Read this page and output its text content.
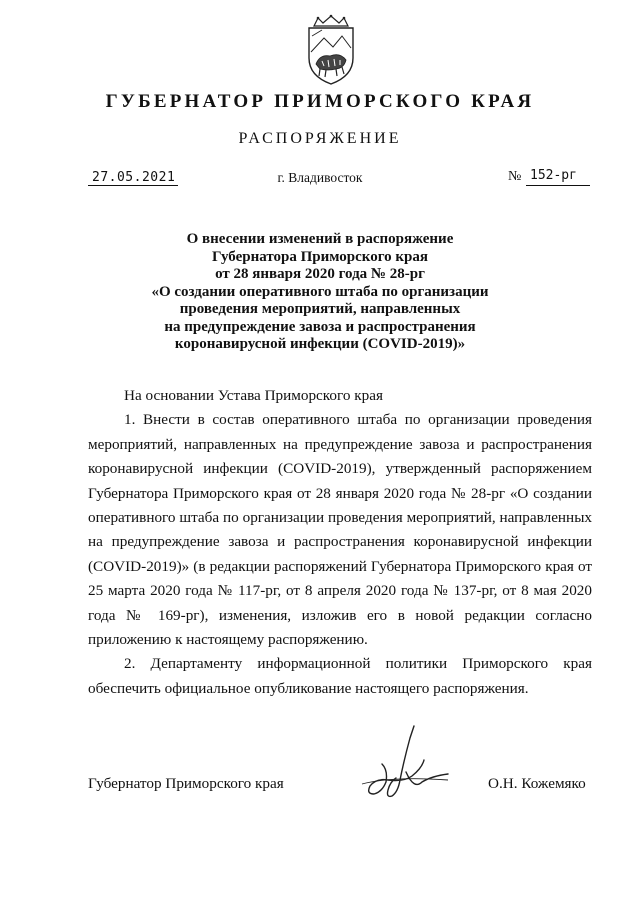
ГУБЕРНАТОР ПРИМОРСКОГО КРАЯ
РАСПОРЯЖЕНИЕ
27.05.2021	г. Владивосток	№ 152-рг
О внесении изменений в распоряжение
Губернатора Приморского края
от 28 января 2020 года № 28-рг
«О создании оперативного штаба по организации
проведения мероприятий, направленных
на предупреждение завоза и распространения
коронавирусной инфекции (COVID-2019)»

На основании Устава Приморского края

1. Внести в состав оперативного штаба по организации проведения мероприятий, направленных на предупреждение завоза и распространения коронавирусной инфекции (COVID-2019), утвержденный распоряжением Губернатора Приморского края от 28 января 2020 года № 28-рг «О создании оперативного штаба по организации проведения мероприятий, направленных на предупреждение завоза и распространения коронавирусной инфекции (COVID-2019)» (в редакции распоряжений Губернатора Приморского края от 25 марта 2020 года № 117-рг, от 8 апреля 2020 года № 137-рг, от 8 мая 2020 года № 169-рг), изменения, изложив его в новой редакции согласно приложению к настоящему распоряжению.

2. Департаменту информационной политики Приморского края обеспечить официальное опубликование настоящего распоряжения.

Губернатор Приморского края	О.Н. Кожемяко
